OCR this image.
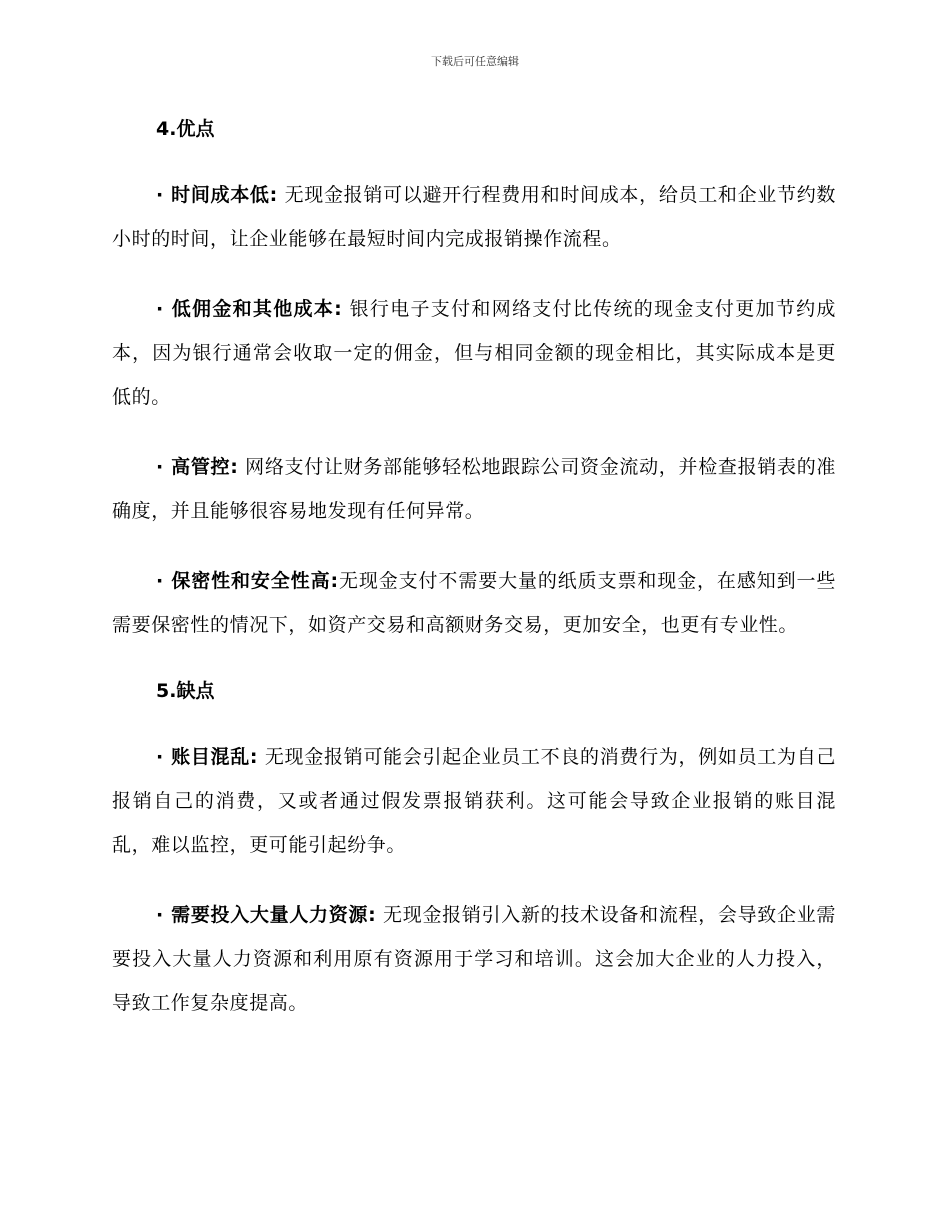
下载后可任意编辑
4.优点

· 时间成本低: 无现金报销可以避开行程费用和时间成本，给员工和企业节约数小时的时间，让企业能够在最短时间内完成报销操作流程。

· 低佣金和其他成本: 银行电子支付和网络支付比传统的现金支付更加节约成本，因为银行通常会收取一定的佣金，但与相同金额的现金相比，其实际成本是更低的。

· 高管控: 网络支付让财务部能够轻松地跟踪公司资金流动，并检查报销表的准确度，并且能够很容易地发现有任何异常。

· 保密性和安全性高:无现金支付不需要大量的纸质支票和现金，在感知到一些需要保密性的情况下，如资产交易和高额财务交易，更加安全，也更有专业性。

5.缺点

· 账目混乱: 无现金报销可能会引起企业员工不良的消费行为，例如员工为自己报销自己的消费，又或者通过假发票报销获利。这可能会导致企业报销的账目混乱，难以监控，更可能引起纷争。

· 需要投入大量人力资源: 无现金报销引入新的技术设备和流程，会导致企业需要投入大量人力资源和利用原有资源用于学习和培训。这会加大企业的人力投入，导致工作复杂度提高。
